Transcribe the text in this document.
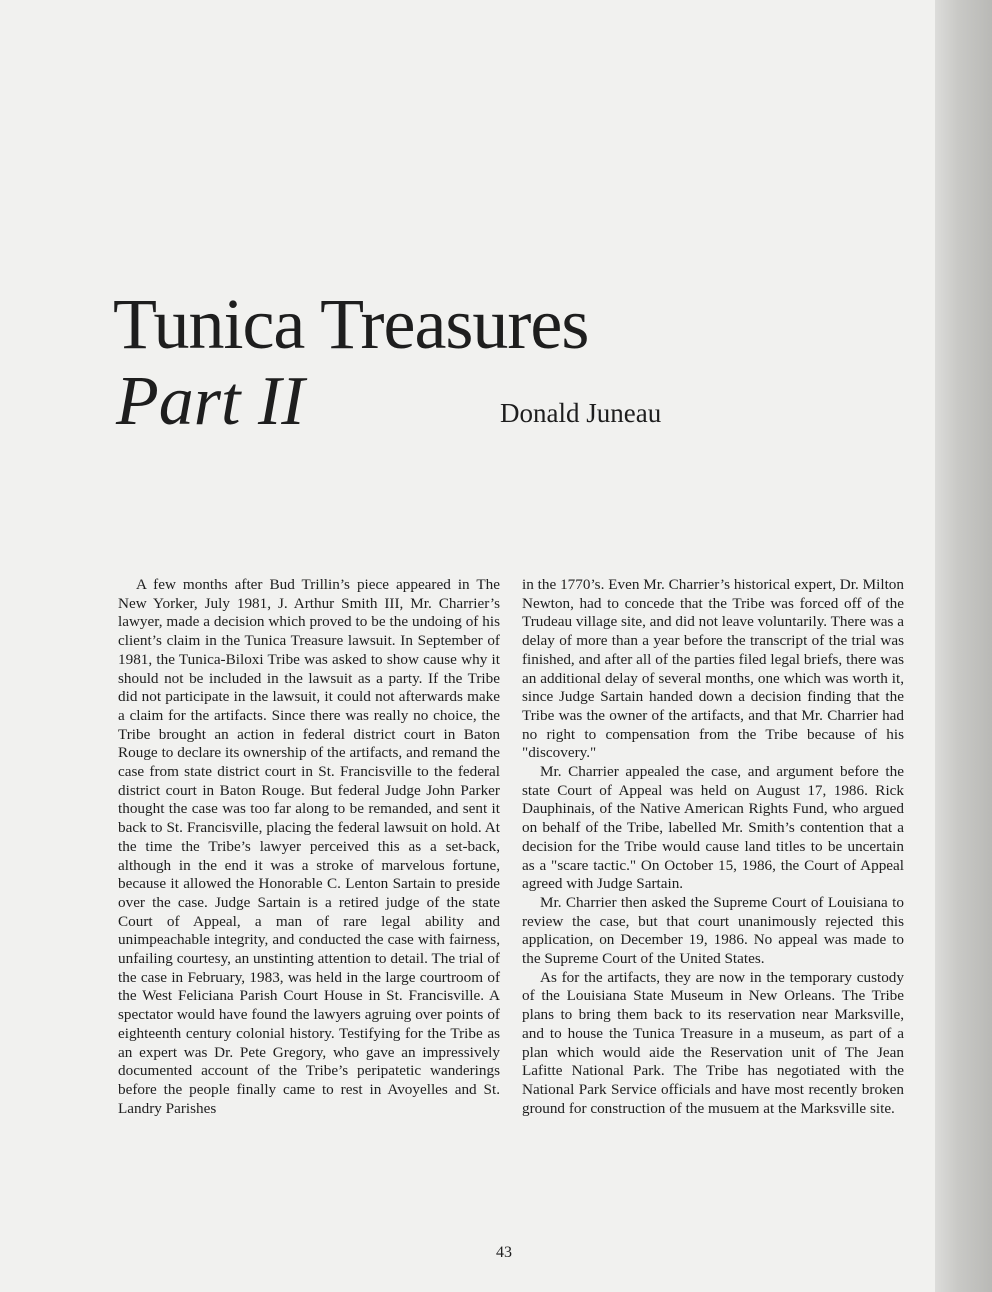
Tunica Treasures
Part II	Donald Juneau

A few months after Bud Trillin’s piece appeared in The New Yorker, July 1981, J. Arthur Smith III, Mr. Charrier’s lawyer, made a decision which proved to be the undoing of his client’s claim in the Tunica Treasure lawsuit. In September of 1981, the Tunica-Biloxi Tribe was asked to show cause why it should not be included in the lawsuit as a party. If the Tribe did not participate in the lawsuit, it could not afterwards make a claim for the artifacts. Since there was really no choice, the Tribe brought an action in federal district court in Baton Rouge to declare its ownership of the artifacts, and remand the case from state district court in St. Francisville to the federal district court in Baton Rouge. But federal Judge John Parker thought the case was too far along to be remanded, and sent it back to St. Francisville, placing the federal lawsuit on hold. At the time the Tribe’s lawyer perceived this as a set-back, although in the end it was a stroke of marvelous fortune, because it allowed the Honorable C. Lenton Sartain to preside over the case. Judge Sartain is a retired judge of the state Court of Appeal, a man of rare legal ability and unimpeachable integrity, and conducted the case with fairness, unfailing courtesy, an unstinting attention to detail. The trial of the case in February, 1983, was held in the large courtroom of the West Feliciana Parish Court House in St. Francisville. A spectator would have found the lawyers agruing over points of eighteenth century colonial history. Testifying for the Tribe as an expert was Dr. Pete Gregory, who gave an impressively documented account of the Tribe’s peripatetic wanderings before the people finally came to rest in Avoyelles and St. Landry Parishes

in the 1770’s. Even Mr. Charrier’s historical expert, Dr. Milton Newton, had to concede that the Tribe was forced off of the Trudeau village site, and did not leave voluntarily. There was a delay of more than a year before the transcript of the trial was finished, and after all of the parties filed legal briefs, there was an additional delay of several months, one which was worth it, since Judge Sartain handed down a decision finding that the Tribe was the owner of the artifacts, and that Mr. Charrier had no right to compensation from the Tribe because of his "discovery."

Mr. Charrier appealed the case, and argument before the state Court of Appeal was held on August 17, 1986. Rick Dauphinais, of the Native American Rights Fund, who argued on behalf of the Tribe, labelled Mr. Smith’s contention that a decision for the Tribe would cause land titles to be uncertain as a "scare tactic." On October 15, 1986, the Court of Appeal agreed with Judge Sartain.

Mr. Charrier then asked the Supreme Court of Louisiana to review the case, but that court unanimously rejected this application, on December 19, 1986. No appeal was made to the Supreme Court of the United States.

As for the artifacts, they are now in the temporary custody of the Louisiana State Museum in New Orleans. The Tribe plans to bring them back to its reservation near Marksville, and to house the Tunica Treasure in a museum, as part of a plan which would aide the Reservation unit of The Jean Lafitte National Park. The Tribe has negotiated with the National Park Service officials and have most recently broken ground for construction of the musuem at the Marksville site.

43
